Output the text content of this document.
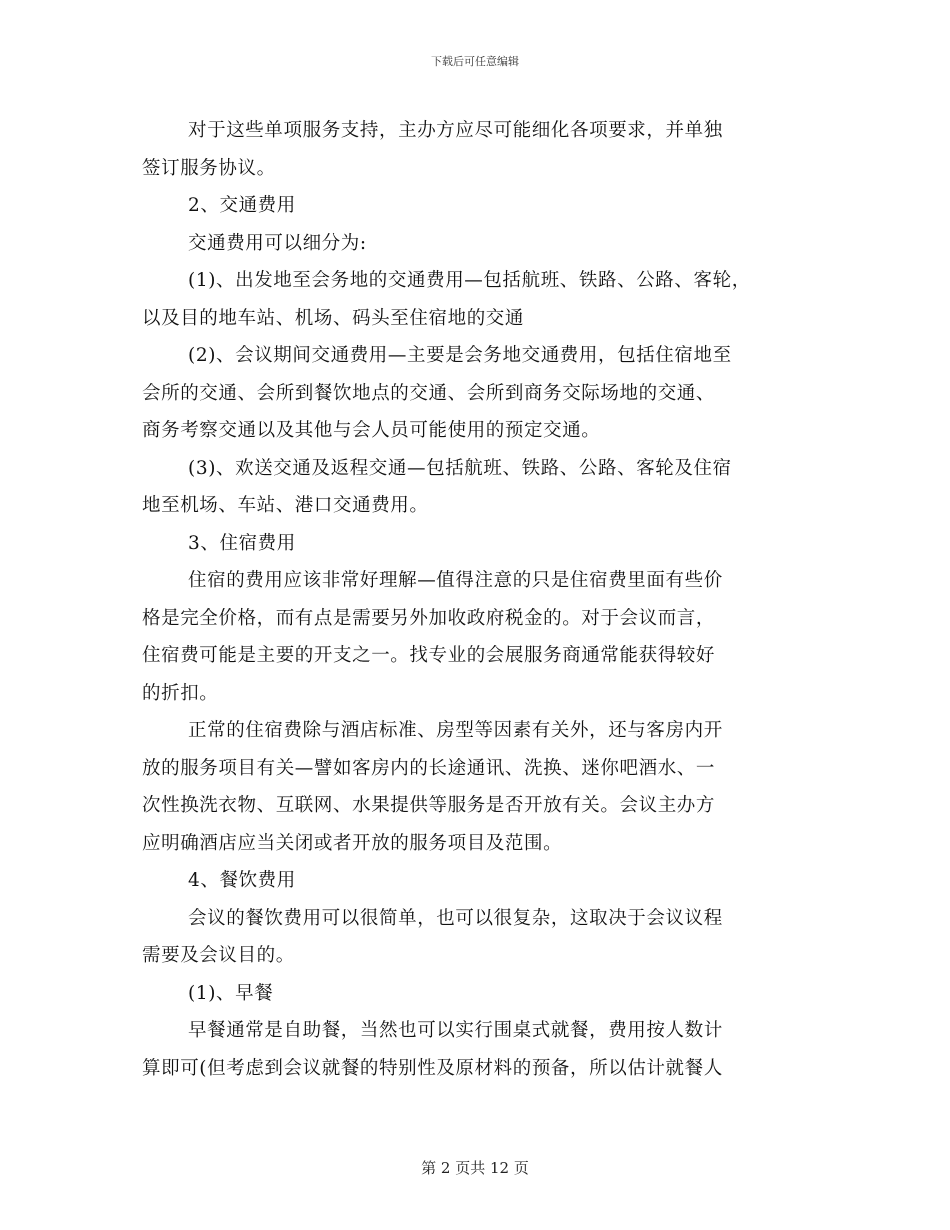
下载后可任意编辑
对于这些单项服务支持，主办方应尽可能细化各项要求，并单独
签订服务协议。
2、交通费用
交通费用可以细分为:
(1)、出发地至会务地的交通费用—包括航班、铁路、公路、客轮，
以及目的地车站、机场、码头至住宿地的交通
(2)、会议期间交通费用—主要是会务地交通费用，包括住宿地至
会所的交通、会所到餐饮地点的交通、会所到商务交际场地的交通、
商务考察交通以及其他与会人员可能使用的预定交通。
(3)、欢送交通及返程交通—包括航班、铁路、公路、客轮及住宿
地至机场、车站、港口交通费用。
3、住宿费用
住宿的费用应该非常好理解—值得注意的只是住宿费里面有些价
格是完全价格，而有点是需要另外加收政府税金的。对于会议而言，
住宿费可能是主要的开支之一。找专业的会展服务商通常能获得较好
的折扣。
正常的住宿费除与酒店标准、房型等因素有关外，还与客房内开
放的服务项目有关—譬如客房内的长途通讯、洗换、迷你吧酒水、一
次性换洗衣物、互联网、水果提供等服务是否开放有关。会议主办方
应明确酒店应当关闭或者开放的服务项目及范围。
4、餐饮费用
会议的餐饮费用可以很简单，也可以很复杂，这取决于会议议程
需要及会议目的。
(1)、早餐
早餐通常是自助餐，当然也可以实行围桌式就餐，费用按人数计
算即可(但考虑到会议就餐的特别性及原材料的预备，所以估计就餐人
第 2 页共 12 页
